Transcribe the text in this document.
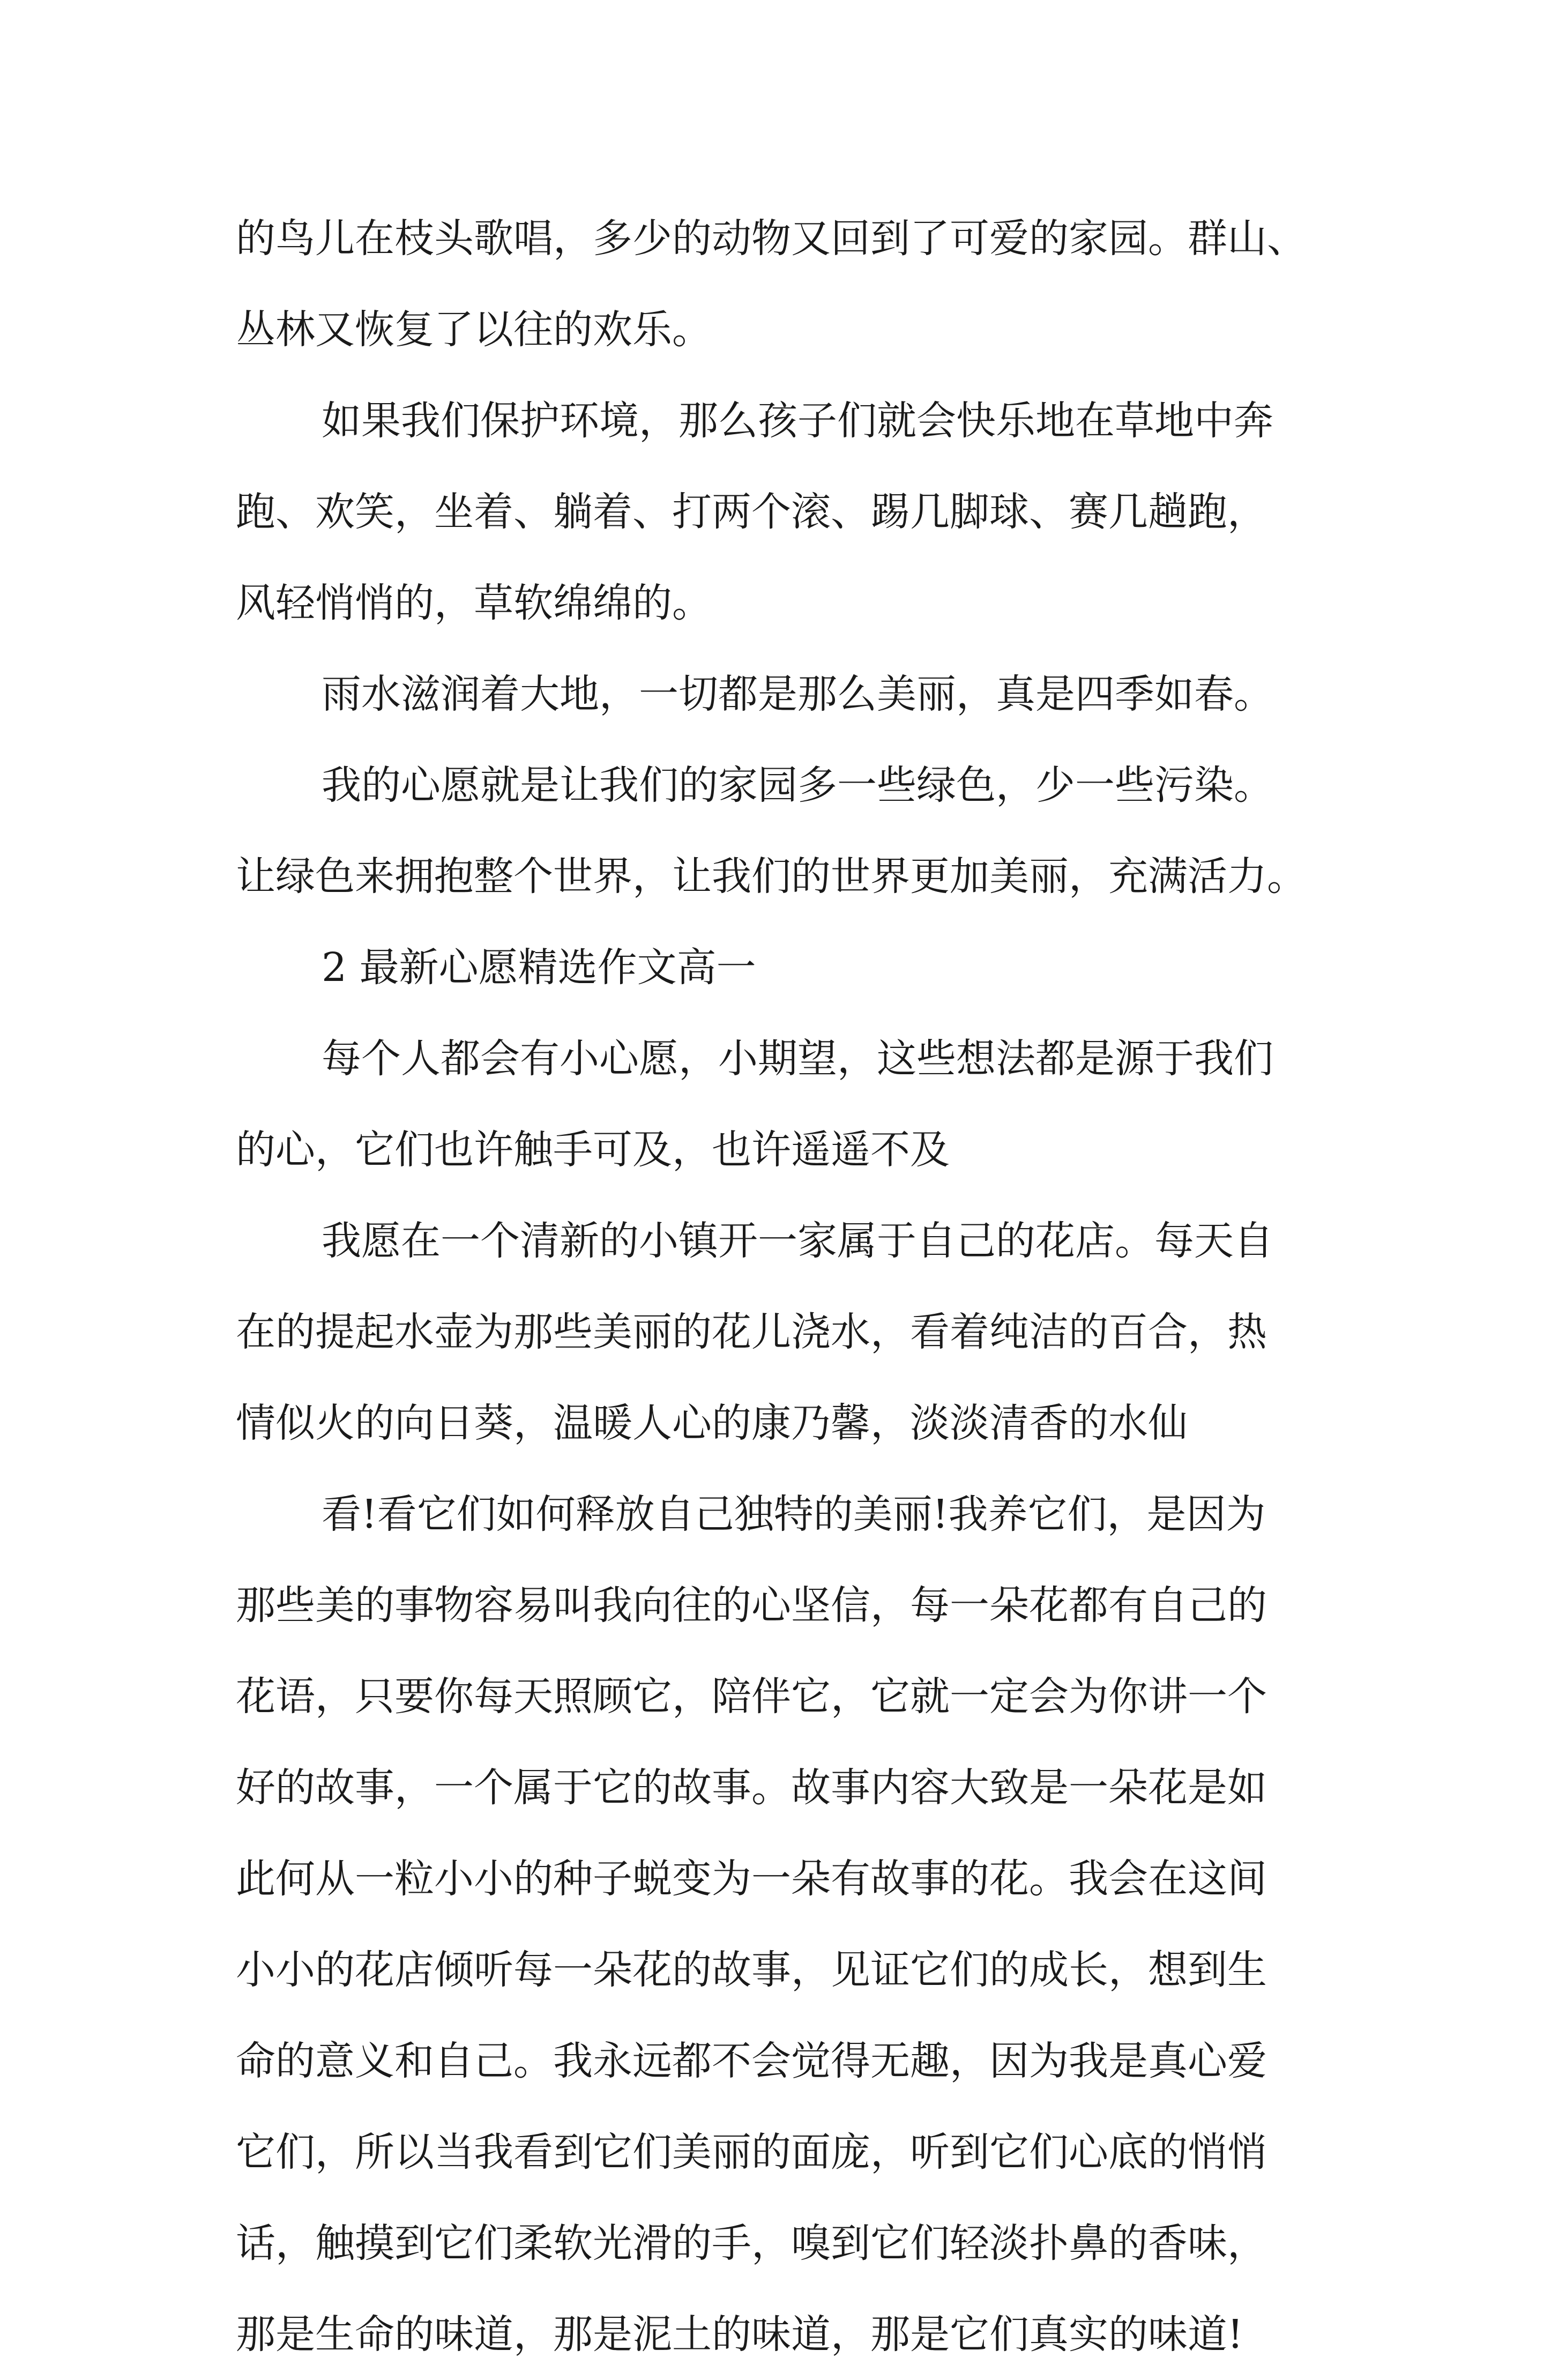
的鸟儿在枝头歌唱，多少的动物又回到了可爱的家园。群山、
丛林又恢复了以往的欢乐。
如果我们保护环境，那么孩子们就会快乐地在草地中奔
跑、欢笑，坐着、躺着、打两个滚、踢几脚球、赛几趟跑，
风轻悄悄的，草软绵绵的。
雨水滋润着大地，一切都是那么美丽，真是四季如春。
我的心愿就是让我们的家园多一些绿色，少一些污染。
让绿色来拥抱整个世界，让我们的世界更加美丽，充满活力。
2 最新心愿精选作文高一
每个人都会有小心愿，小期望，这些想法都是源于我们
的心，它们也许触手可及，也许遥遥不及
我愿在一个清新的小镇开一家属于自己的花店。每天自
在的提起水壶为那些美丽的花儿浇水，看着纯洁的百合，热
情似火的向日葵，温暖人心的康乃馨，淡淡清香的水仙
看!看它们如何释放自己独特的美丽!我养它们，是因为
那些美的事物容易叫我向往的心坚信，每一朵花都有自己的
花语，只要你每天照顾它，陪伴它，它就一定会为你讲一个
好的故事，一个属于它的故事。故事内容大致是一朵花是如
此何从一粒小小的种子蜕变为一朵有故事的花。我会在这间
小小的花店倾听每一朵花的故事，见证它们的成长，想到生
命的意义和自己。我永远都不会觉得无趣，因为我是真心爱
它们，所以当我看到它们美丽的面庞，听到它们心底的悄悄
话，触摸到它们柔软光滑的手，嗅到它们轻淡扑鼻的香味，
那是生命的味道，那是泥土的味道，那是它们真实的味道!
